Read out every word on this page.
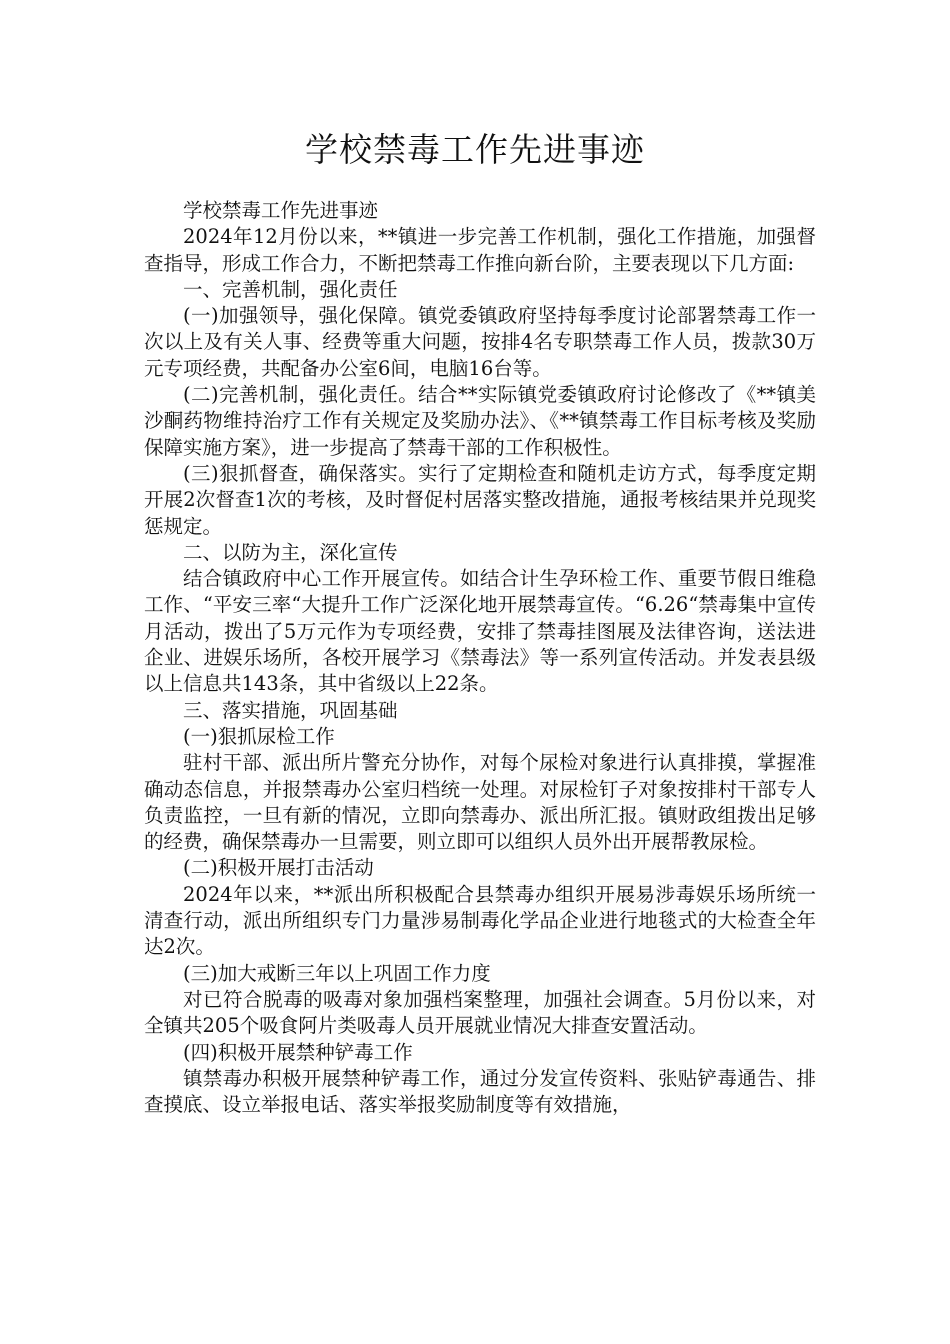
学校禁毒工作先进事迹

学校禁毒工作先进事迹

2024年12月份以来，**镇进一步完善工作机制，强化工作措施，加强督查指导，形成工作合力，不断把禁毒工作推向新台阶，主要表现以下几方面:

一、完善机制，强化责任

(一)加强领导，强化保障。镇党委镇政府坚持每季度讨论部署禁毒工作一次以上及有关人事、经费等重大问题，按排4名专职禁毒工作人员，拨款30万元专项经费，共配备办公室6间，电脑16台等。

(二)完善机制，强化责任。结合**实际镇党委镇政府讨论修改了《**镇美沙酮药物维持治疗工作有关规定及奖励办法》、《**镇禁毒工作目标考核及奖励保障实施方案》，进一步提高了禁毒干部的工作积极性。

(三)狠抓督查，确保落实。实行了定期检查和随机走访方式，每季度定期开展2次督查1次的考核，及时督促村居落实整改措施，通报考核结果并兑现奖惩规定。

二、以防为主，深化宣传

结合镇政府中心工作开展宣传。如结合计生孕环检工作、重要节假日维稳工作、“平安三率“大提升工作广泛深化地开展禁毒宣传。“6.26“禁毒集中宣传月活动，拨出了5万元作为专项经费，安排了禁毒挂图展及法律咨询，送法进企业、进娱乐场所，各校开展学习《禁毒法》等一系列宣传活动。并发表县级以上信息共143条，其中省级以上22条。

三、落实措施，巩固基础

(一)狠抓尿检工作

驻村干部、派出所片警充分协作，对每个尿检对象进行认真排摸，掌握准确动态信息，并报禁毒办公室归档统一处理。对尿检钉子对象按排村干部专人负责监控，一旦有新的情况，立即向禁毒办、派出所汇报。镇财政组拨出足够的经费，确保禁毒办一旦需要，则立即可以组织人员外出开展帮教尿检。

(二)积极开展打击活动

2024年以来，**派出所积极配合县禁毒办组织开展易涉毒娱乐场所统一清查行动，派出所组织专门力量涉易制毒化学品企业进行地毯式的大检查全年达2次。

(三)加大戒断三年以上巩固工作力度

对已符合脱毒的吸毒对象加强档案整理，加强社会调查。5月份以来，对全镇共205个吸食阿片类吸毒人员开展就业情况大排查安置活动。

(四)积极开展禁种铲毒工作

镇禁毒办积极开展禁种铲毒工作，通过分发宣传资料、张贴铲毒通告、排查摸底、设立举报电话、落实举报奖励制度等有效措施，
